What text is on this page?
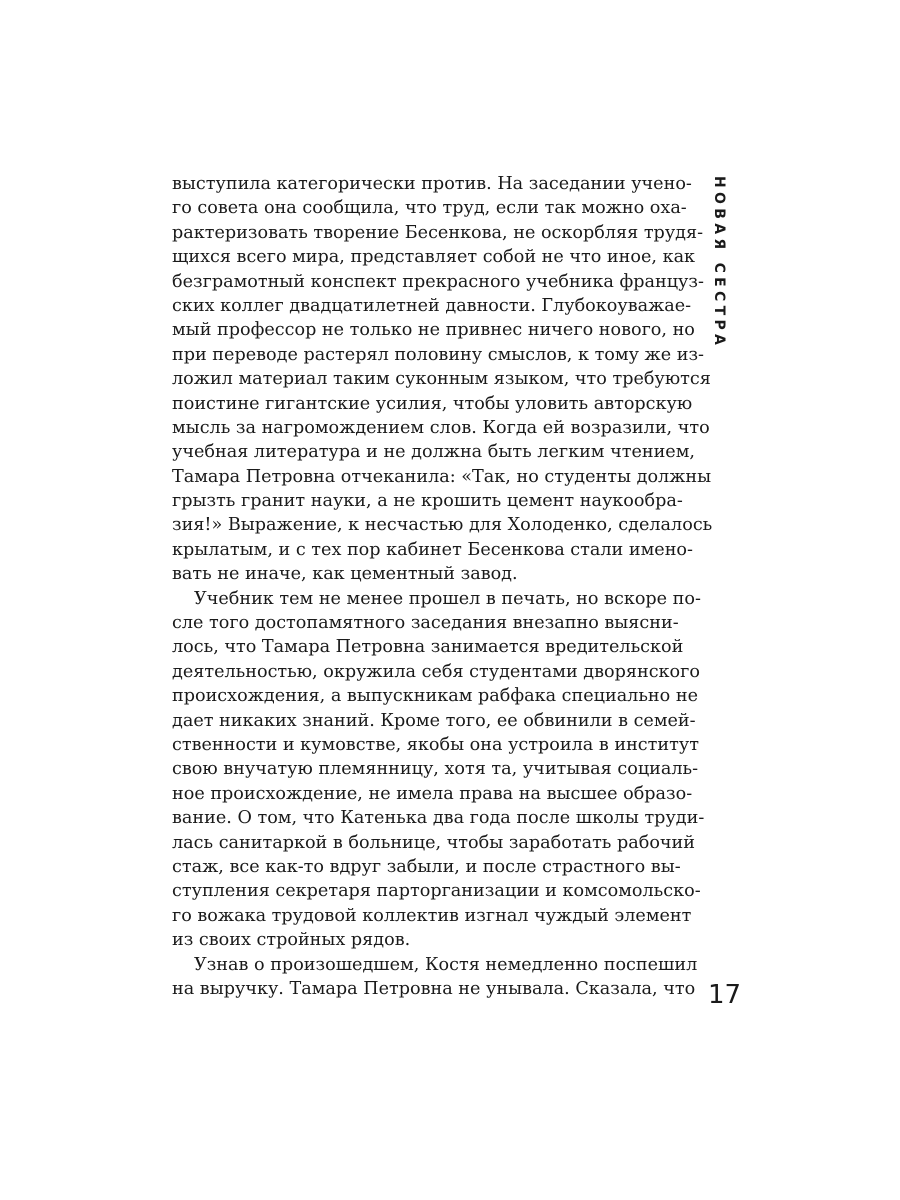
выступила категорически против. На заседании учено-
го совета она сообщила, что труд, если так можно оха-
рактеризовать творение Бесенкова, не оскорбляя трудя-
щихся всего мира, представляет собой не что иное, как
безграмотный конспект прекрасного учебника француз-
ских коллег двадцатилетней давности. Глубокоуважае-
мый профессор не только не привнес ничего нового, но
при переводе растерял половину смыслов, к тому же из-
ложил материал таким суконным языком, что требуются
поистине гигантские усилия, чтобы уловить авторскую
мысль за нагромождением слов. Когда ей возразили, что
учебная литература и не должна быть легким чтением,
Тамара Петровна отчеканила: «Так, но студенты должны
грызть гранит науки, а не крошить цемент наукообра-
зия!» Выражение, к несчастью для Холоденко, сделалось
крылатым, и с тех пор кабинет Бесенкова стали имено-
вать не иначе, как цементный завод.
Учебник тем не менее прошел в печать, но вскоре по-
сле того достопамятного заседания внезапно выясни-
лось, что Тамара Петровна занимается вредительской
деятельностью, окружила себя студентами дворянского
происхождения, а выпускникам рабфака специально не
дает никаких знаний. Кроме того, ее обвинили в семей-
ственности и кумовстве, якобы она устроила в институт
свою внучатую племянницу, хотя та, учитывая социаль-
ное происхождение, не имела права на высшее образо-
вание. О том, что Катенька два года после школы труди-
лась санитаркой в больнице, чтобы заработать рабочий
стаж, все как-то вдруг забыли, и после страстного вы-
ступления секретаря парторганизации и комсомольско-
го вожака трудовой коллектив изгнал чуждый элемент
из своих стройных рядов.
Узнав о произошедшем, Костя немедленно поспешил
на выручку. Тамара Петровна не унывала. Сказала, что
НОВАЯ СЕСТРА
17
